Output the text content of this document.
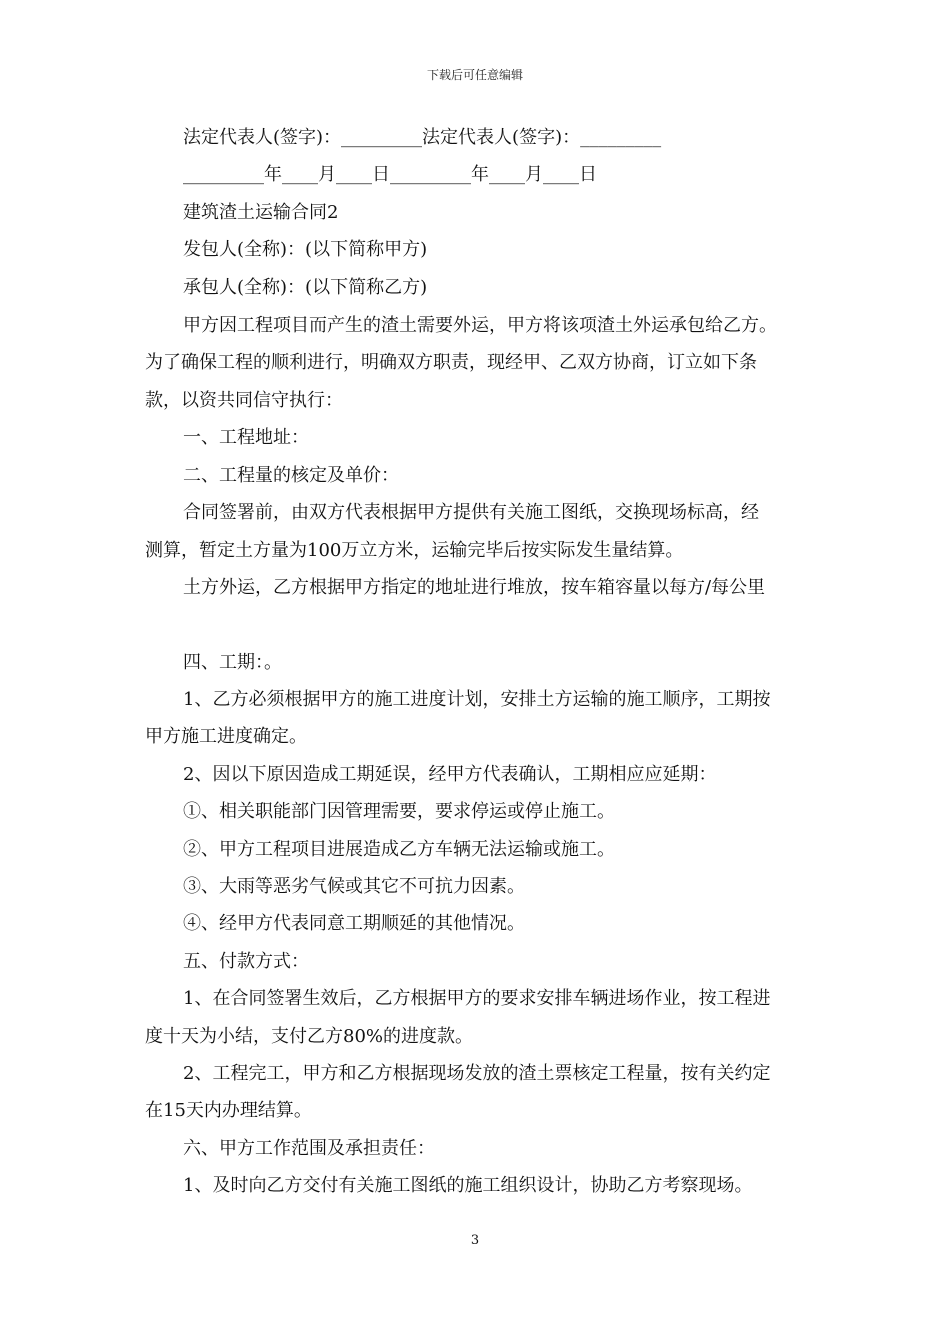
下载后可任意编辑
法定代表人(签字)：_________法定代表人(签字)：_________
_________年____月____日_________年____月____日
建筑渣土运输合同2
发包人(全称)：(以下简称甲方)
承包人(全称)：(以下简称乙方)
甲方因工程项目而产生的渣土需要外运，甲方将该项渣土外运承包给乙方。
为了确保工程的顺利进行，明确双方职责，现经甲、乙双方协商，订立如下条
款，以资共同信守执行：
一、工程地址：
二、工程量的核定及单价：
合同签署前，由双方代表根据甲方提供有关施工图纸，交换现场标高，经
测算，暂定土方量为100万立方米，运输完毕后按实际发生量结算。
土方外运，乙方根据甲方指定的地址进行堆放，按车箱容量以每方/每公里
四、工期：。
1、乙方必须根据甲方的施工进度计划，安排土方运输的施工顺序，工期按
甲方施工进度确定。
2、因以下原因造成工期延误，经甲方代表确认，工期相应应延期：
①、相关职能部门因管理需要，要求停运或停止施工。
②、甲方工程项目进展造成乙方车辆无法运输或施工。
③、大雨等恶劣气候或其它不可抗力因素。
④、经甲方代表同意工期顺延的其他情况。
五、付款方式：
1、在合同签署生效后，乙方根据甲方的要求安排车辆进场作业，按工程进
度十天为小结，支付乙方80%的进度款。
2、工程完工，甲方和乙方根据现场发放的渣土票核定工程量，按有关约定
在15天内办理结算。
六、甲方工作范围及承担责任：
1、及时向乙方交付有关施工图纸的施工组织设计，协助乙方考察现场。
3
